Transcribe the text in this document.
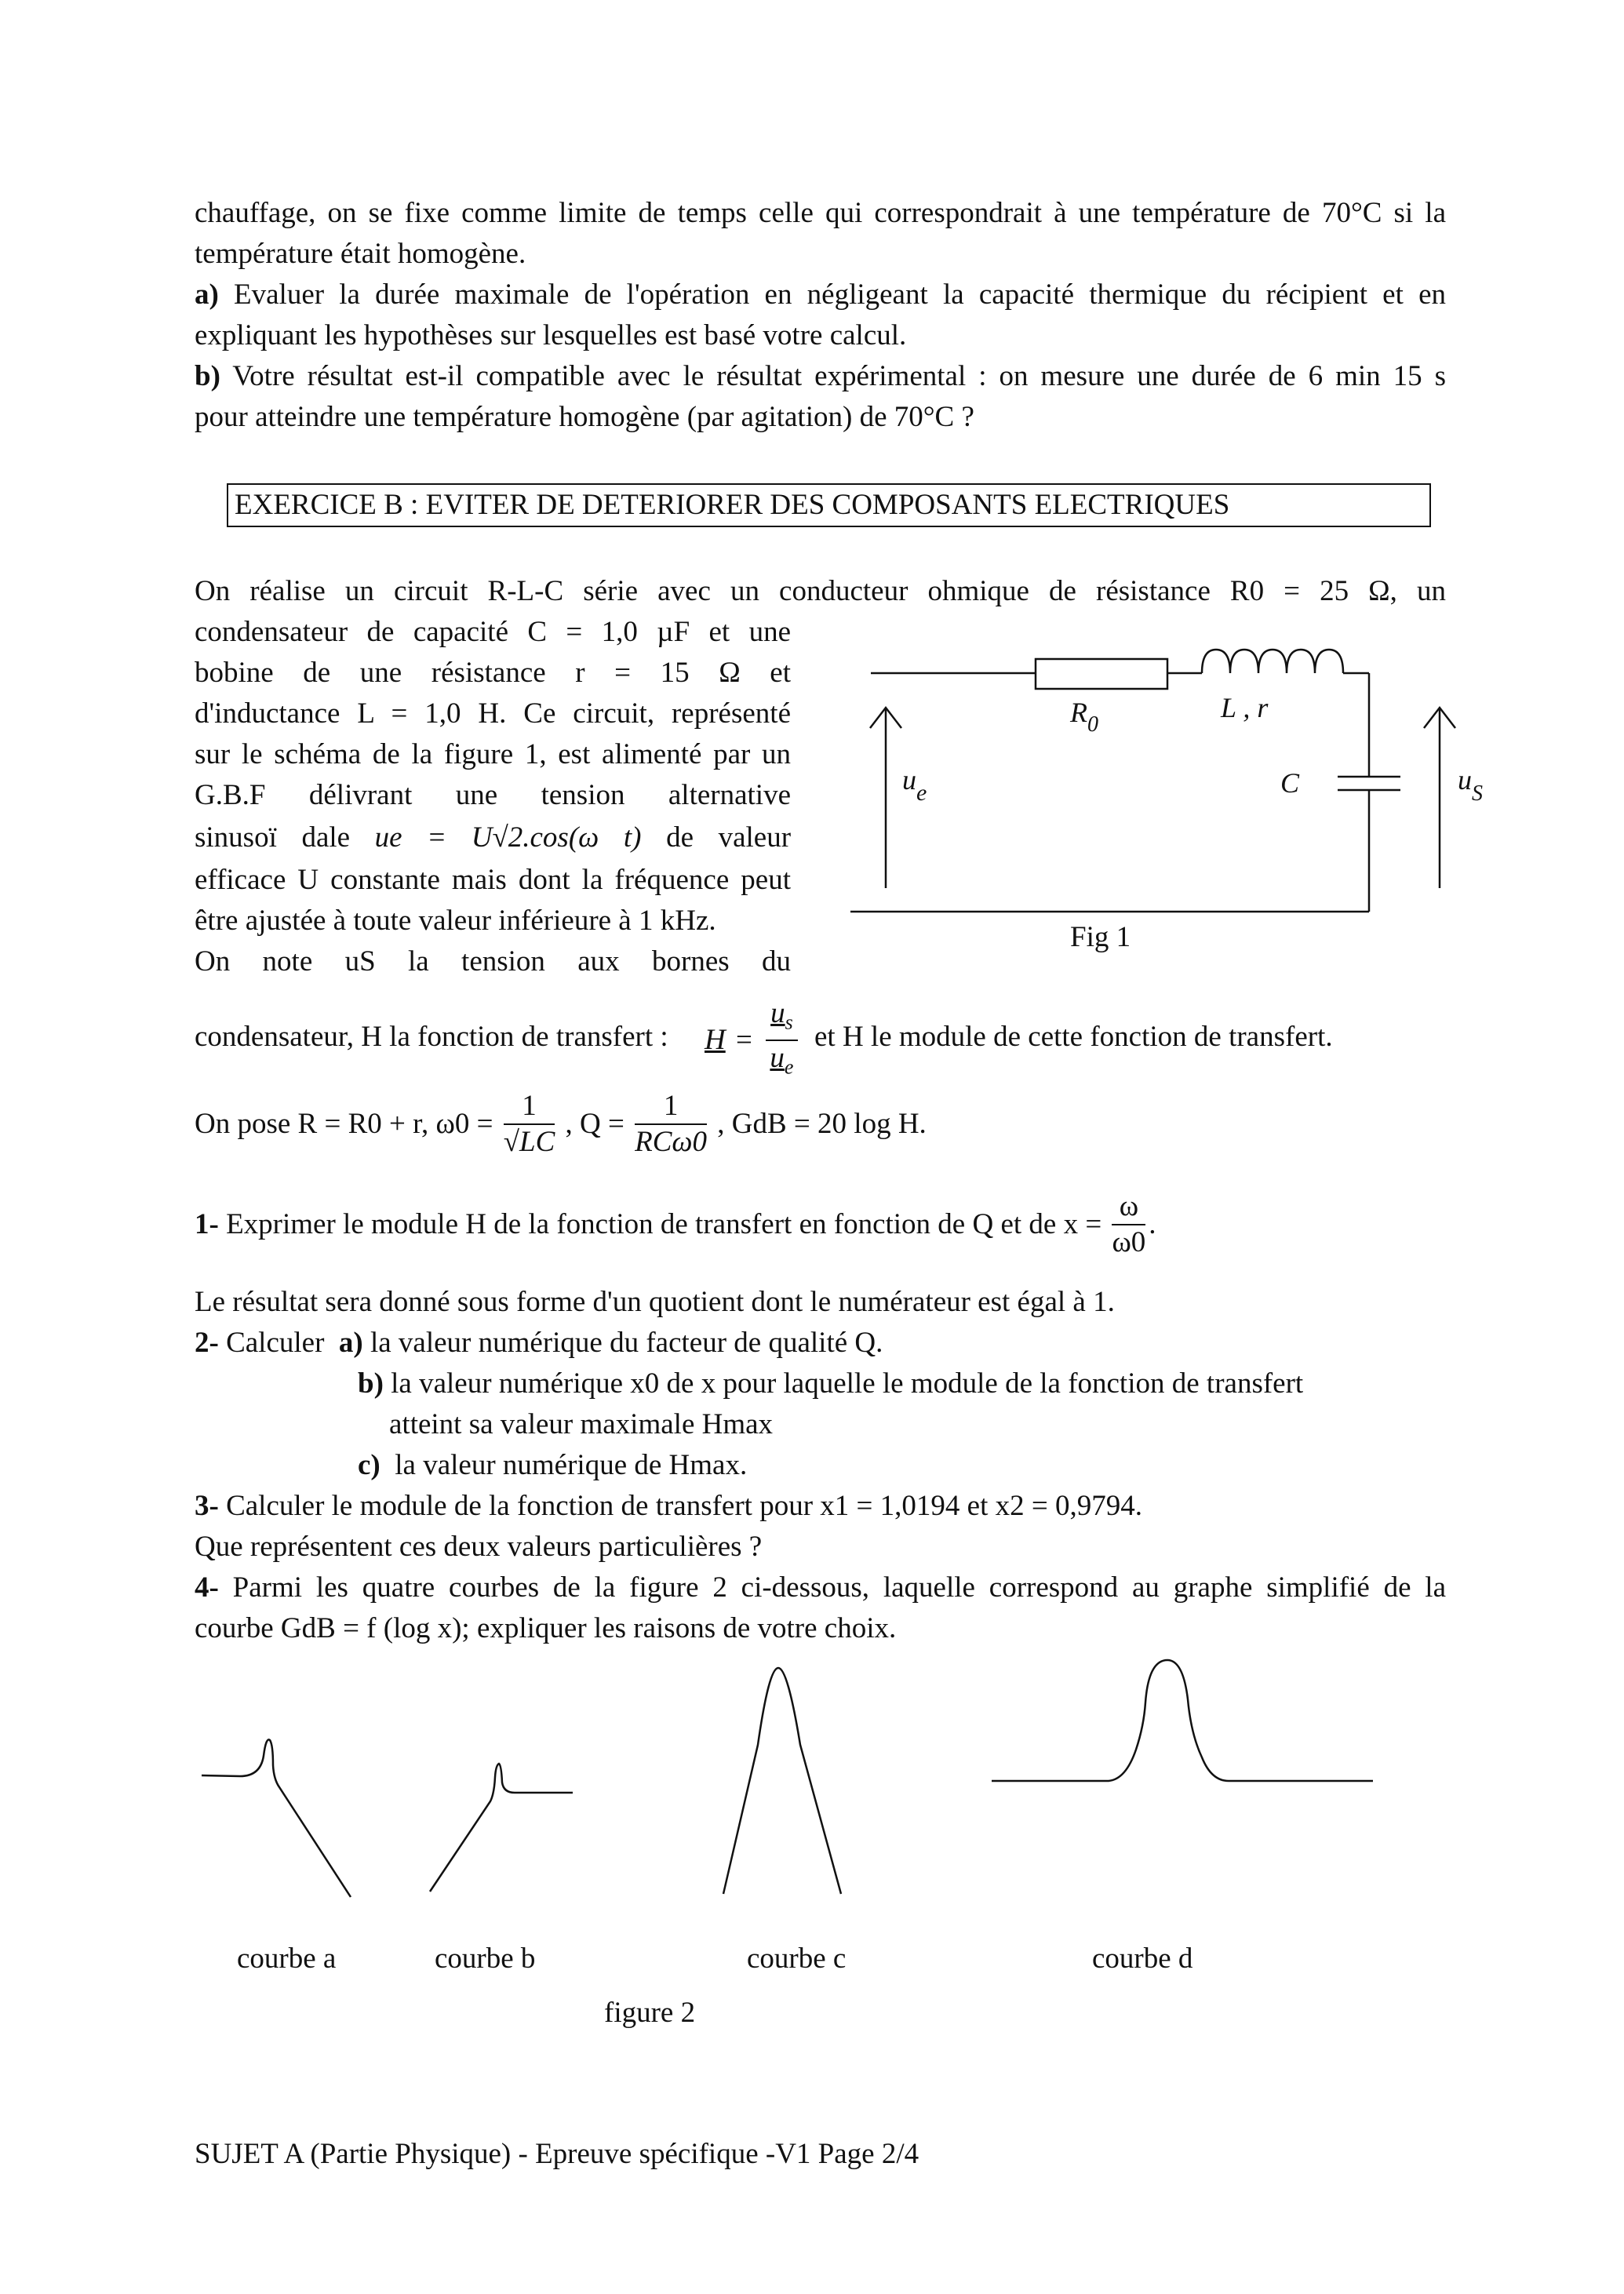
chauffage, on se fixe comme limite de temps celle qui correspondrait à une température de 70°C si la

température était homogène.

a) Evaluer la durée maximale de l'opération en négligeant la capacité thermique du récipient et en

expliquant les hypothèses sur lesquelles est basé votre calcul.

b) Votre résultat est-il compatible avec le résultat expérimental : on mesure une durée de 6 min 15 s

pour atteindre une température homogène (par agitation) de 70°C ?

EXERCICE B : EVITER DE DETERIORER DES COMPOSANTS ELECTRIQUES

On réalise un circuit R-L-C série avec un conducteur ohmique de résistance R0 = 25 Ω, un

condensateur de capacité C = 1,0 µF et une

bobine de une résistance r = 15 Ω et

d'inductance L = 1,0 H. Ce circuit, représenté

sur le schéma de la figure 1, est alimenté par un

G.B.F délivrant une tension alternative

sinusoï dale ue = U√2.cos(ω t) de valeur

efficace U constante mais dont la fréquence peut

être ajustée à toute valeur inférieure à 1 kHz.

On note uS la tension aux bornes du

condensateur, H la fonction de transfert : $H = \frac{u_s}{u_e}$ et H le module de cette fonction de transfert.
On pose R = R0 + r, $\omega 0 = \frac{1}{√LC}$ , $Q = \frac{1}{\text{RCω0}}$ , GdB = 20 log H.
1- Exprimer le module H de la fonction de transfert en fonction de Q et de $x = \frac{\omega}{\omega 0}$ .

Le résultat sera donné sous forme d'un quotient dont le numérateur est égal à 1.

2- Calculer a) la valeur numérique du facteur de qualité Q.

b) la valeur numérique x0 de x pour laquelle le module de la fonction de transfert

atteint sa valeur maximale Hmax

c) la valeur numérique de Hmax.

3- Calculer le module de la fonction de transfert pour x1 = 1,0194 et x2 = 0,9794.

Que représentent ces deux valeurs particulières ?

4- Parmi les quatre courbes de la figure 2 ci-dessous, laquelle correspond au graphe simplifié de la

courbe GdB = f (log x); expliquer les raisons de votre choix.

$R_0$
L , r
C
$u_e$	$u_S$
Fig 1
courbe a	courbe b	courbe c	courbe d
figure 2
SUJET A (Partie Physique) - Epreuve spécifique -V1 Page 2/4
